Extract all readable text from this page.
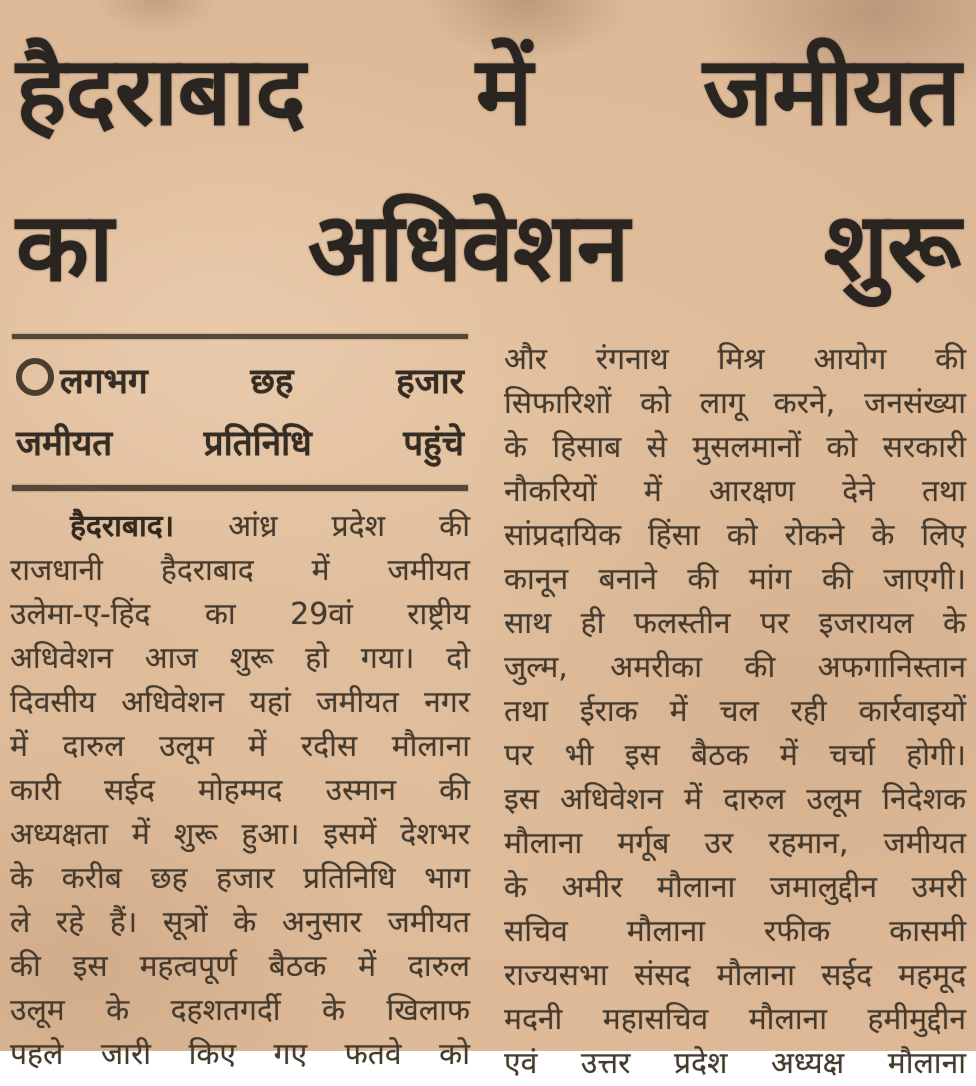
हैदराबाद में जमीयत
का अधिवेशन शुरू
लगभग छह हजार
जमीयत प्रतिनिधि पहुंचे
हैदराबाद। आंध्र प्रदेश की
राजधानी हैदराबाद में जमीयत
उलेमा-ए-हिंद का 29वां राष्ट्रीय
अधिवेशन आज शुरू हो गया। दो
दिवसीय अधिवेशन यहां जमीयत नगर
में दारुल उलूम में रदीस मौलाना
कारी सईद मोहम्मद उस्मान की
अध्यक्षता में शुरू हुआ। इसमें देशभर
के करीब छह हजार प्रतिनिधि भाग
ले रहे हैं। सूत्रों के अनुसार जमीयत
की इस महत्वपूर्ण बैठक में दारुल
उलूम के दहशतगर्दी के खिलाफ
पहले जारी किए गए फतवे को
और रंगनाथ मिश्र आयोग की
सिफारिशों को लागू करने, जनसंख्या
के हिसाब से मुसलमानों को सरकारी
नौकरियों में आरक्षण देने तथा
सांप्रदायिक हिंसा को रोकने के लिए
कानून बनाने की मांग की जाएगी।
साथ ही फलस्तीन पर इजरायल के
जुल्म, अमरीका की अफगानिस्तान
तथा ईराक में चल रही कार्रवाइयों
पर भी इस बैठक में चर्चा होगी।
इस अधिवेशन में दारुल उलूम निदेशक
मौलाना मर्गूब उर रहमान, जमीयत
के अमीर मौलाना जमालुद्दीन उमरी
सचिव मौलाना रफीक कासमी
राज्यसभा संसद मौलाना सईद महमूद
मदनी महासचिव मौलाना हमीमुद्दीन
एवं उत्तर प्रदेश अध्यक्ष मौलाना
